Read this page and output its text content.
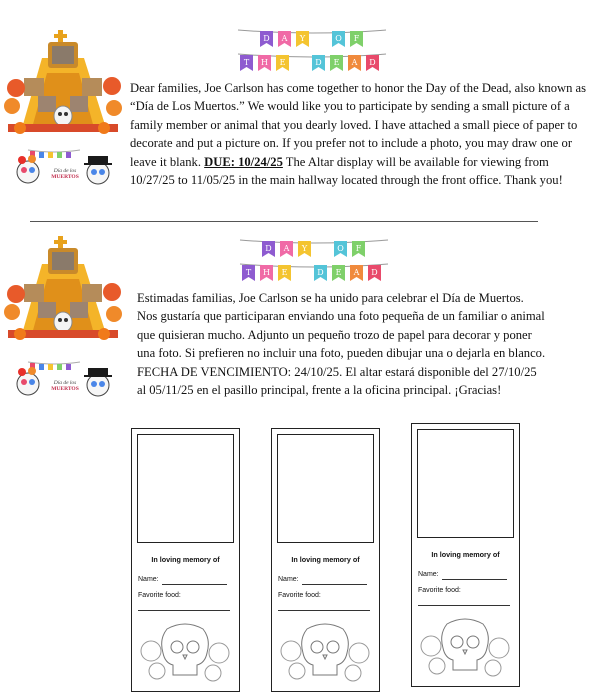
D A Y	O F
T H E	D E A D
Día de los
MUERTOS
Dear families, Joe Carlson has come together to honor the Day of the Dead, also known as “Día de Los Muertos.” We would like you to participate by sending a small picture of a family member or animal that you dearly loved. I have attached a small piece of paper to decorate and put a picture on. If you prefer not to include a photo, you may draw one or leave it blank. DUE: 10/24/25 The Altar display will be available for viewing from 10/27/25 to 11/05/25 in the main hallway located through the front office. Thank you!
D A Y	O F
T H E	D E A D
Día de los
MUERTOS
Estimadas familias, Joe Carlson se ha unido para celebrar el Día de Muertos. Nos gustaría que participaran enviando una foto pequeña de un familiar o animal que quisieran mucho. Adjunto un pequeño trozo de papel para decorar y poner una foto. Si prefieren no incluir una foto, pueden dibujar una o dejarla en blanco. FECHA DE VENCIMIENTO: 24/10/25. El altar estará disponible del 27/10/25 al 05/11/25 en el pasillo principal, frente a la oficina principal. ¡Gracias!
In loving memory of
Name:
Favorite food:
In loving memory of
Name:
Favorite food:
In loving memory of
Name:
Favorite food:
